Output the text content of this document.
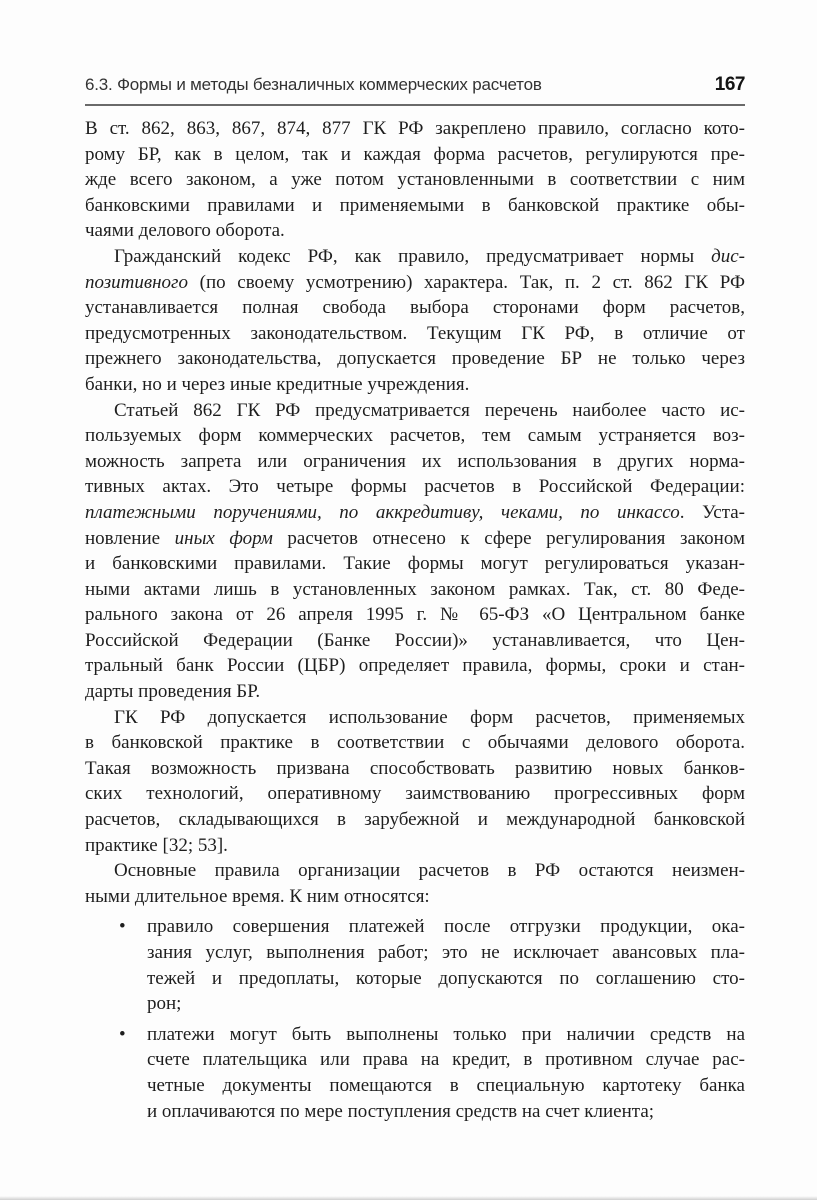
6.3. Формы и методы безналичных коммерческих расчетов	167
В ст. 862, 863, 867, 874, 877 ГК РФ закреплено правило, согласно кото-
рому БР, как в целом, так и каждая форма расчетов, регулируются пре-
жде всего законом, а уже потом установленными в соответствии с ним
банковскими правилами и применяемыми в банковской практике обы-
чаями делового оборота.
Гражданский кодекс РФ, как правило, предусматривает нормы дис-
позитивного (по своему усмотрению) характера. Так, п. 2 ст. 862 ГК РФ
устанавливается полная свобода выбора сторонами форм расчетов,
предусмотренных законодательством. Текущим ГК РФ, в отличие от
прежнего законодательства, допускается проведение БР не только через
банки, но и через иные кредитные учреждения.
Статьей 862 ГК РФ предусматривается перечень наиболее часто ис-
пользуемых форм коммерческих расчетов, тем самым устраняется воз-
можность запрета или ограничения их использования в других норма-
тивных актах. Это четыре формы расчетов в Российской Федерации:
платежными поручениями, по аккредитиву, чеками, по инкассо. Уста-
новление иных форм расчетов отнесено к сфере регулирования законом
и банковскими правилами. Такие формы могут регулироваться указан-
ными актами лишь в установленных законом рамках. Так, ст. 80 Феде-
рального закона от 26 апреля 1995 г. № 65-ФЗ «О Центральном банке
Российской Федерации (Банке России)» устанавливается, что Цен-
тральный банк России (ЦБР) определяет правила, формы, сроки и стан-
дарты проведения БР.
ГК РФ допускается использование форм расчетов, применяемых
в банковской практике в соответствии с обычаями делового оборота.
Такая возможность призвана способствовать развитию новых банков-
ских технологий, оперативному заимствованию прогрессивных форм
расчетов, складывающихся в зарубежной и международной банковской
практике [32; 53].
Основные правила организации расчетов в РФ остаются неизмен-
ными длительное время. К ним относятся:
• правило совершения платежей после отгрузки продукции, ока-
зания услуг, выполнения работ; это не исключает авансовых пла-
тежей и предоплаты, которые допускаются по соглашению сто-
рон;
• платежи могут быть выполнены только при наличии средств на
счете плательщика или права на кредит, в противном случае рас-
четные документы помещаются в специальную картотеку банка
и оплачиваются по мере поступления средств на счет клиента;
